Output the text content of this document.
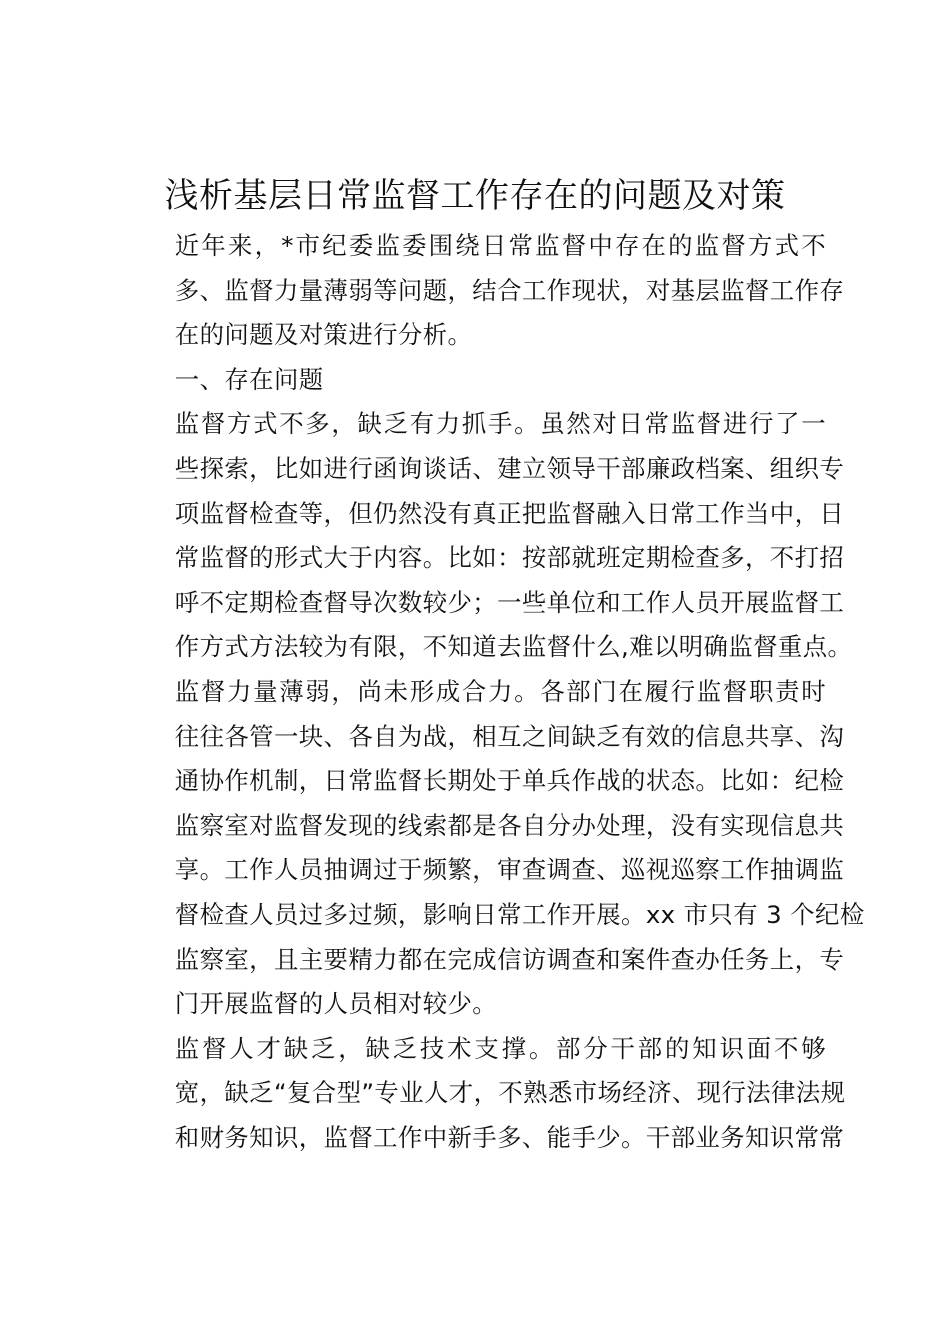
浅析基层日常监督工作存在的问题及对策

近年来，*市纪委监委围绕日常监督中存在的监督方式不
多、监督力量薄弱等问题，结合工作现状，对基层监督工作存
在的问题及对策进行分析。

一、存在问题

监督方式不多，缺乏有力抓手。虽然对日常监督进行了一
些探索，比如进行函询谈话、建立领导干部廉政档案、组织专
项监督检查等，但仍然没有真正把监督融入日常工作当中，日
常监督的形式大于内容。比如：按部就班定期检查多，不打招
呼不定期检查督导次数较少；一些单位和工作人员开展监督工
作方式方法较为有限，不知道去监督什么,难以明确监督重点。

监督力量薄弱，尚未形成合力。各部门在履行监督职责时
往往各管一块、各自为战，相互之间缺乏有效的信息共享、沟
通协作机制，日常监督长期处于单兵作战的状态。比如：纪检
监察室对监督发现的线索都是各自分办处理，没有实现信息共
享。工作人员抽调过于频繁，审查调查、巡视巡察工作抽调监
督检查人员过多过频，影响日常工作开展。xx 市只有 3 个纪检
监察室，且主要精力都在完成信访调查和案件查办任务上，专
门开展监督的人员相对较少。

监督人才缺乏，缺乏技术支撑。部分干部的知识面不够
宽，缺乏“复合型”专业人才，不熟悉市场经济、现行法律法规
和财务知识，监督工作中新手多、能手少。干部业务知识常常
